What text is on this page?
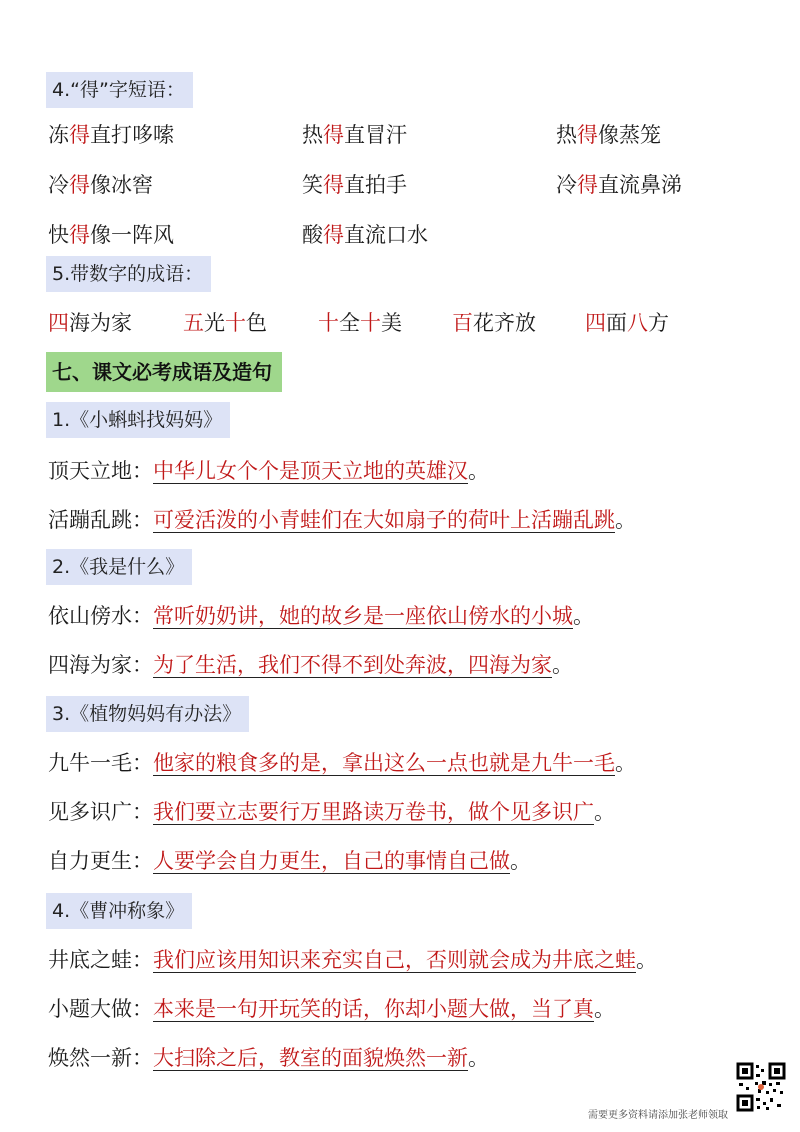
4.“得”字短语：
冻得直打哆嗦	热得直冒汗	热得像蒸笼
冷得像冰窖	笑得直拍手	冷得直流鼻涕
快得像一阵风	酸得直流口水
5.带数字的成语：
四海为家 五光十色 十全十美 百花齐放 四面八方
七、课文必考成语及造句
1.《小蝌蚪找妈妈》
顶天立地：中华儿女个个是顶天立地的英雄汉。
活蹦乱跳：可爱活泼的小青蛙们在大如扇子的荷叶上活蹦乱跳。
2.《我是什么》
依山傍水：常听奶奶讲，她的故乡是一座依山傍水的小城。
四海为家：为了生活，我们不得不到处奔波，四海为家。
3.《植物妈妈有办法》
九牛一毛：他家的粮食多的是，拿出这么一点也就是九牛一毛。
见多识广：我们要立志要行万里路读万卷书，做个见多识广。
自力更生：人要学会自力更生，自己的事情自己做。
4.《曹冲称象》
井底之蛙：我们应该用知识来充实自己，否则就会成为井底之蛙。
小题大做：本来是一句开玩笑的话，你却小题大做，当了真。
焕然一新：大扫除之后，教室的面貌焕然一新。
需要更多资料请添加张老师领取
